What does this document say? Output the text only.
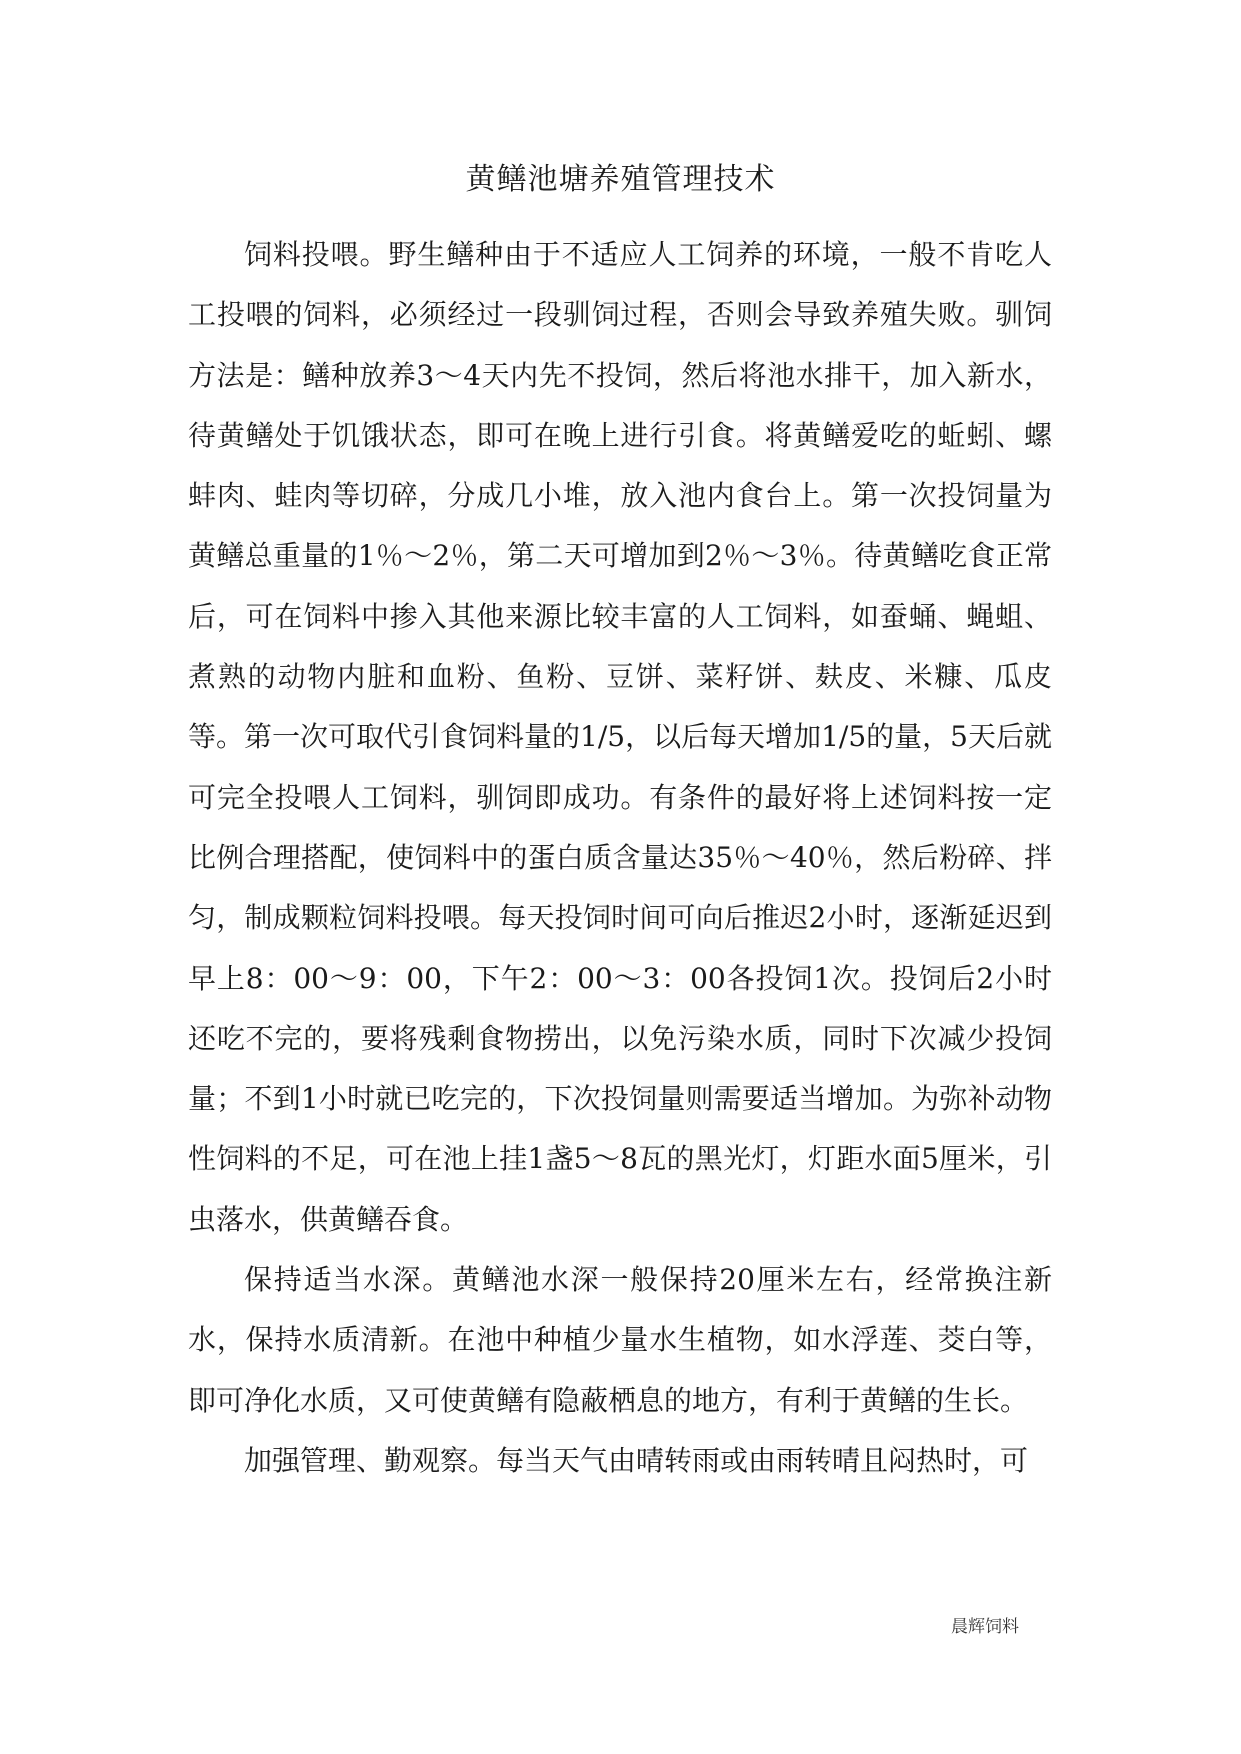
黄鳝池塘养殖管理技术

饲料投喂。野生鳝种由于不适应人工饲养的环境，一般不肯吃人工投喂的饲料，必须经过一段驯饲过程，否则会导致养殖失败。驯饲方法是：鳝种放养3～4天内先不投饲，然后将池水排干，加入新水，待黄鳝处于饥饿状态，即可在晚上进行引食。将黄鳝爱吃的蚯蚓、螺蚌肉、蛙肉等切碎，分成几小堆，放入池内食台上。第一次投饲量为黄鳝总重量的1％～2％，第二天可增加到2％～3％。待黄鳝吃食正常后，可在饲料中掺入其他来源比较丰富的人工饲料，如蚕蛹、蝇蛆、煮熟的动物内脏和血粉、鱼粉、豆饼、菜籽饼、麸皮、米糠、瓜皮等。第一次可取代引食饲料量的1/5，以后每天增加1/5的量，5天后就可完全投喂人工饲料，驯饲即成功。有条件的最好将上述饲料按一定比例合理搭配，使饲料中的蛋白质含量达35％～40％，然后粉碎、拌匀，制成颗粒饲料投喂。每天投饲时间可向后推迟2小时，逐渐延迟到早上8：00～9：00，下午2：00～3：00各投饲1次。投饲后2小时还吃不完的，要将残剩食物捞出，以免污染水质，同时下次减少投饲量；不到1小时就已吃完的，下次投饲量则需要适当增加。为弥补动物性饲料的不足，可在池上挂1盏5～8瓦的黑光灯，灯距水面5厘米，引虫落水，供黄鳝吞食。

保持适当水深。黄鳝池水深一般保持20厘米左右，经常换注新水，保持水质清新。在池中种植少量水生植物，如水浮莲、茭白等，即可净化水质，又可使黄鳝有隐蔽栖息的地方，有利于黄鳝的生长。

加强管理、勤观察。每当天气由晴转雨或由雨转晴且闷热时，可

晨辉饲料
